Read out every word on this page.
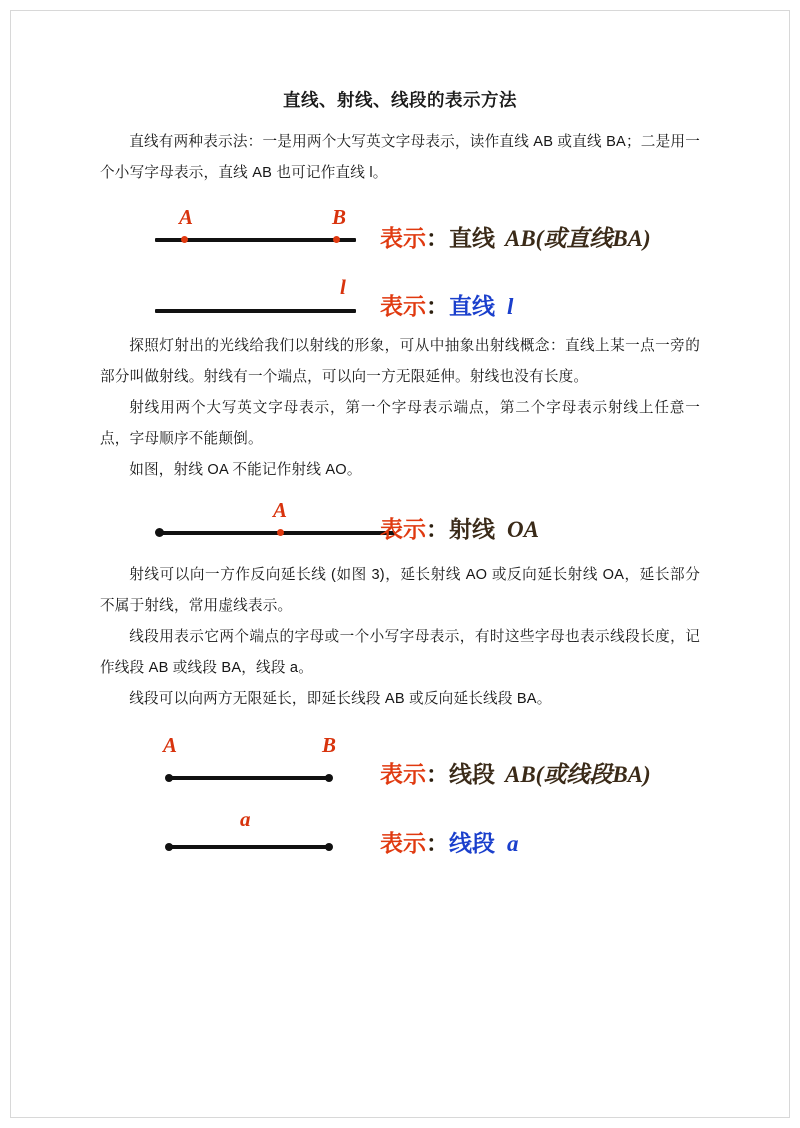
直线、射线、线段的表示方法

直线有两种表示法：一是用两个大写英文字母表示，读作直线 AB 或直线 BA；二是用一个小写字母表示，直线 AB 也可记作直线 l。

A	B
表示：直线 AB(或直线BA)
l
表示：直线 l

探照灯射出的光线给我们以射线的形象，可从中抽象出射线概念：直线上某一点一旁的部分叫做射线。射线有一个端点，可以向一方无限延伸。射线也没有长度。

射线用两个大写英文字母表示，第一个字母表示端点，第二个字母表示射线上任意一点，字母顺序不能颠倒。

如图，射线 OA 不能记作射线 AO。

A
表示：射线 OA

射线可以向一方作反向延长线 (如图 3)，延长射线 AO 或反向延长射线 OA，延长部分不属于射线，常用虚线表示。

线段用表示它两个端点的字母或一个小写字母表示，有时这些字母也表示线段长度，记作线段 AB 或线段 BA，线段 a。

线段可以向两方无限延长，即延长线段 AB 或反向延长线段 BA。

A	B
表示：线段 AB(或线段BA)
a
表示：线段 a
